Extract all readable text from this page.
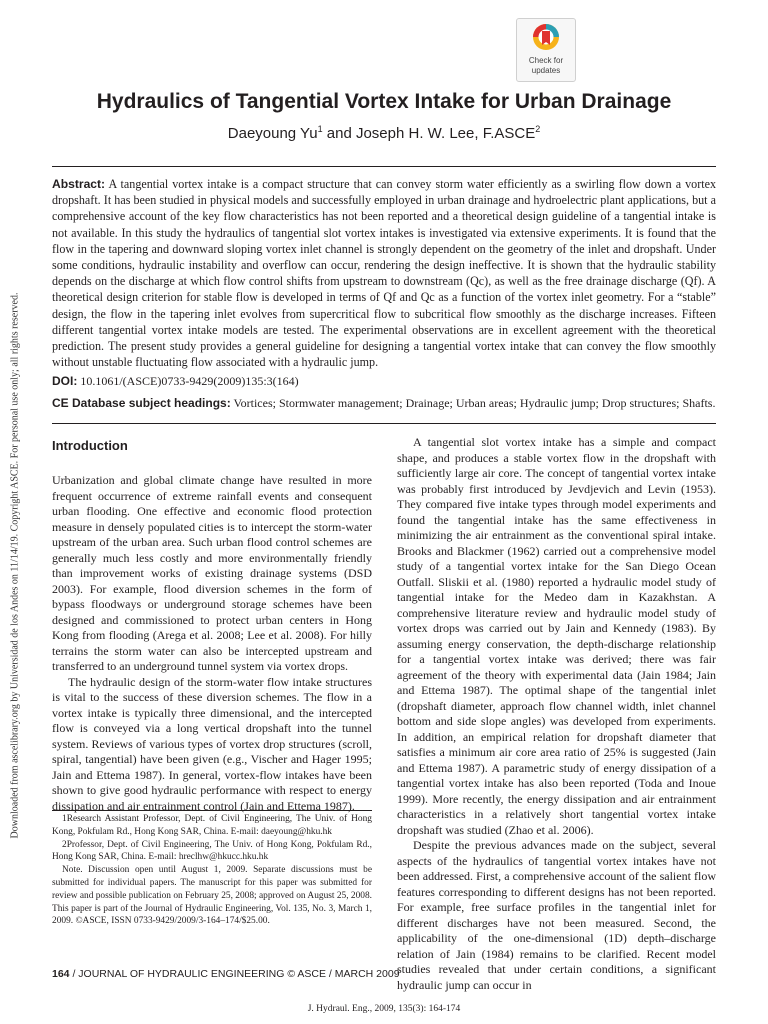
Downloaded from ascelibrary.org by Universidad de los Andes on 11/14/19. Copyright ASCE. For personal use only; all rights reserved.
Check for
updates
Hydraulics of Tangential Vortex Intake for Urban Drainage
Daeyoung Yu$^1$ and Joseph H. W. Lee, F.ASCE$^2$
Abstract: A tangential vortex intake is a compact structure that can convey storm water efficiently as a swirling flow down a vortex dropshaft. It has been studied in physical models and successfully employed in urban drainage and hydroelectric plant applications, but a comprehensive account of the key flow characteristics has not been reported and a theoretical design guideline of a tangential intake is not available. In this study the hydraulics of tangential slot vortex intakes is investigated via extensive experiments. It is found that the flow in the tapering and downward sloping vortex inlet channel is strongly dependent on the geometry of the inlet and dropshaft. Under some conditions, hydraulic instability and overflow can occur, rendering the design ineffective. It is shown that the hydraulic stability depends on the discharge at which flow control shifts from upstream to downstream (Qc), as well as the free drainage discharge (Qf). A theoretical design criterion for stable flow is developed in terms of Qf and Qc as a function of the vortex inlet geometry. For a “stable” design, the flow in the tapering inlet evolves from supercritical flow to subcritical flow smoothly as the discharge increases. Fifteen different tangential vortex intake models are tested. The experimental observations are in excellent agreement with the theoretical prediction. The present study provides a general guideline for designing a tangential vortex intake that can convey the flow smoothly without unstable fluctuating flow associated with a hydraulic jump.
DOI: 10.1061/(ASCE)0733-9429(2009)135:3(164)
CE Database subject headings: Vortices; Stormwater management; Drainage; Urban areas; Hydraulic jump; Drop structures; Shafts.
Introduction

Urbanization and global climate change have resulted in more frequent occurrence of extreme rainfall events and consequent urban flooding. One effective and economic flood protection measure in densely populated cities is to intercept the storm-water upstream of the urban area. Such urban flood control schemes are generally much less costly and more environmentally friendly than improvement works of existing drainage systems (DSD 2003). For example, flood diversion schemes in the form of bypass floodways or underground storage schemes have been designed and commissioned to protect urban centers in Hong Kong from flooding (Arega et al. 2008; Lee et al. 2008). For hilly terrains the storm water can also be intercepted upstream and transferred to an underground tunnel system via vortex drops.

The hydraulic design of the storm-water flow intake structures is vital to the success of these diversion schemes. The flow in a vortex intake is typically three dimensional, and the intercepted flow is conveyed via a long vertical dropshaft into the tunnel system. Reviews of various types of vortex drop structures (scroll, spiral, tangential) have been given (e.g., Vischer and Hager 1995; Jain and Ettema 1987). In general, vortex-flow intakes have been shown to give good hydraulic performance with respect to energy dissipation and air entrainment control (Jain and Ettema 1987).

A tangential slot vortex intake has a simple and compact shape, and produces a stable vortex flow in the dropshaft with sufficiently large air core. The concept of tangential vortex intake was probably first introduced by Jevdjevich and Levin (1953). They compared five intake types through model experiments and found the tangential intake has the same effectiveness in minimizing the air entrainment as the conventional spiral intake. Brooks and Blackmer (1962) carried out a comprehensive model study of a tangential vortex intake for the San Diego Ocean Outfall. Sliskii et al. (1980) reported a hydraulic model study of tangential intake for the Medeo dam in Kazakhstan. A comprehensive literature review and hydraulic model study of vortex drops was carried out by Jain and Kennedy (1983). By assuming energy conservation, the depth-discharge relationship for a tangential vortex intake was derived; there was fair agreement of the theory with experimental data (Jain 1984; Jain and Ettema 1987). The optimal shape of the tangential inlet (dropshaft diameter, approach flow channel width, inlet channel bottom and side slope angles) was developed from experiments. In addition, an empirical relation for dropshaft diameter that satisfies a minimum air core area ratio of 25% is suggested (Jain and Ettema 1987). A parametric study of energy dissipation of a tangential vortex intake has also been reported (Toda and Inoue 1999). More recently, the energy dissipation and air entrainment characteristics in a relatively short tangential vortex intake dropshaft was studied (Zhao et al. 2006).

Despite the previous advances made on the subject, several aspects of the hydraulics of tangential vortex intakes have not been addressed. First, a comprehensive account of the salient flow features corresponding to different designs has not been reported. For example, free surface profiles in the tangential inlet for different discharges have not been measured. Second, the applicability of the one-dimensional (1D) depth–discharge relation of Jain (1984) remains to be clarified. Recent model studies revealed that under certain conditions, a significant hydraulic jump can occur in

1Research Assistant Professor, Dept. of Civil Engineering, The Univ. of Hong Kong, Pokfulam Rd., Hong Kong SAR, China. E-mail: daeyoung@hku.hk

2Professor, Dept. of Civil Engineering, The Univ. of Hong Kong, Pokfulam Rd., Hong Kong SAR, China. E-mail: hreclhw@hkucc.hku.hk

Note. Discussion open until August 1, 2009. Separate discussions must be submitted for individual papers. The manuscript for this paper was submitted for review and possible publication on February 25, 2008; approved on August 25, 2008. This paper is part of the Journal of Hydraulic Engineering, Vol. 135, No. 3, March 1, 2009. ©ASCE, ISSN 0733-9429/2009/3-164–174/$25.00.

164 / JOURNAL OF HYDRAULIC ENGINEERING © ASCE / MARCH 2009
J. Hydraul. Eng., 2009, 135(3): 164-174
